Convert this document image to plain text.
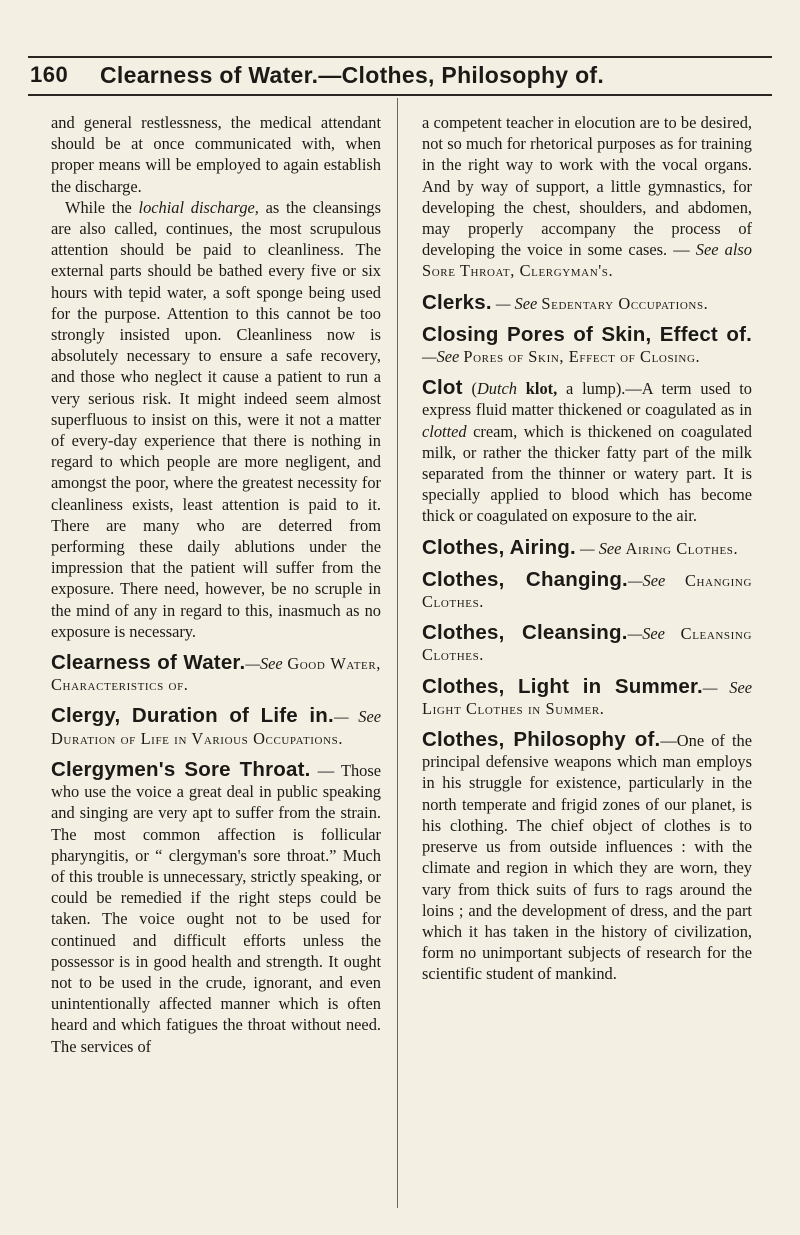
160 Clearness of Water.—Clothes, Philosophy of.

and general restlessness, the medical attendant should be at once communicated with, when proper means will be employed to again establish the discharge.

While the lochial discharge, as the cleansings are also called, continues, the most scrupulous attention should be paid to cleanliness. The external parts should be bathed every five or six hours with tepid water, a soft sponge being used for the purpose. Attention to this cannot be too strongly insisted upon. Cleanliness now is absolutely necessary to ensure a safe recovery, and those who neglect it cause a patient to run a very serious risk. It might indeed seem almost superfluous to insist on this, were it not a matter of every-day experience that there is nothing in regard to which people are more negligent, and amongst the poor, where the greatest necessity for cleanliness exists, least attention is paid to it. There are many who are deterred from performing these daily ablutions under the impression that the patient will suffer from the exposure. There need, however, be no scruple in the mind of any in regard to this, inasmuch as no exposure is necessary.

Clearness of Water.—See Good Water, Characteristics of.

Clergy, Duration of Life in.— See Duration of Life in Various Occupations.

Clergymen's Sore Throat. — Those who use the voice a great deal in public speaking and singing are very apt to suffer from the strain. The most common affection is follicular pharyngitis, or “ clergyman's sore throat.” Much of this trouble is unnecessary, strictly speaking, or could be remedied if the right steps could be taken. The voice ought not to be used for continued and difficult efforts unless the possessor is in good health and strength. It ought not to be used in the crude, ignorant, and even unintentionally affected manner which is often heard and which fatigues the throat without need. The services of

a competent teacher in elocution are to be desired, not so much for rhetorical purposes as for training in the right way to work with the vocal organs. And by way of support, a little gymnastics, for developing the chest, shoulders, and abdomen, may properly accompany the process of developing the voice in some cases. — See also Sore Throat, Clergyman's.

Clerks. — See Sedentary Occupations.

Closing Pores of Skin, Effect of.—See Pores of Skin, Effect of Closing.

Clot (Dutch klot, a lump).—A term used to express fluid matter thickened or coagulated as in clotted cream, which is thickened on coagulated milk, or rather the thicker fatty part of the milk separated from the thinner or watery part. It is specially applied to blood which has become thick or coagulated on exposure to the air.

Clothes, Airing. — See Airing Clothes.

Clothes, Changing.—See Changing Clothes.

Clothes, Cleansing.—See Cleansing Clothes.

Clothes, Light in Summer.— See Light Clothes in Summer.

Clothes, Philosophy of.—One of the principal defensive weapons which man employs in his struggle for existence, particularly in the north temperate and frigid zones of our planet, is his clothing. The chief object of clothes is to preserve us from outside influences : with the climate and region in which they are worn, they vary from thick suits of furs to rags around the loins ; and the development of dress, and the part which it has taken in the history of civilization, form no unimportant subjects of research for the scientific student of mankind.
